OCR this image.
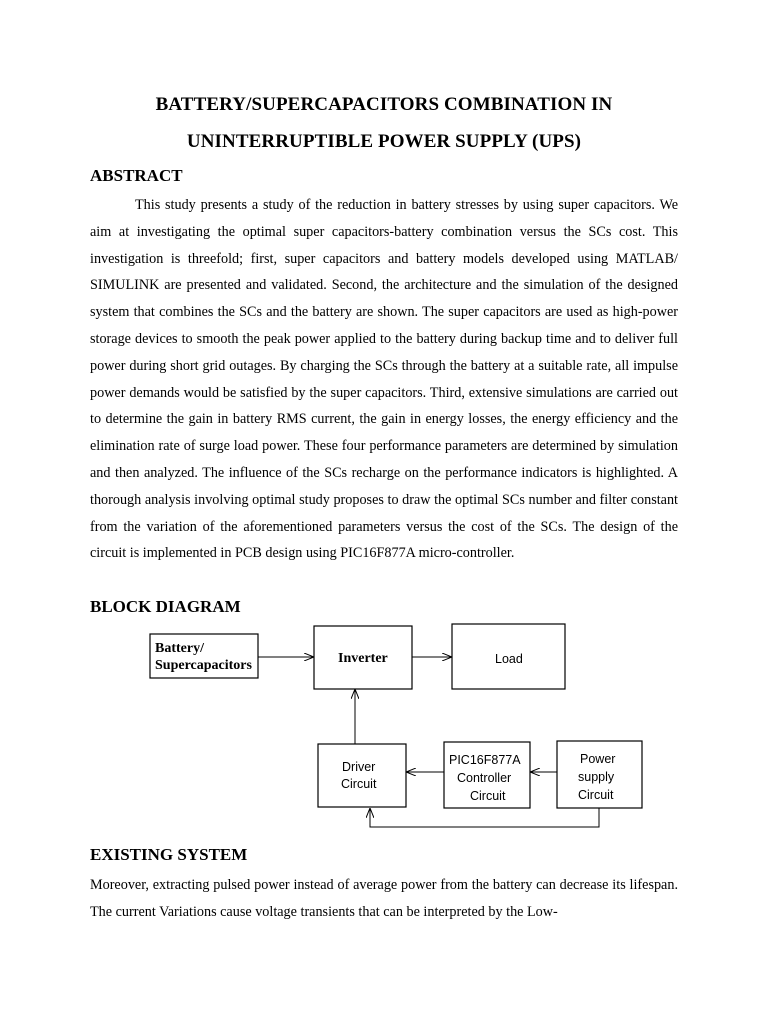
BATTERY/SUPERCAPACITORS COMBINATION IN
UNINTERRUPTIBLE POWER SUPPLY (UPS)
ABSTRACT
This study presents a study of the reduction in battery stresses by using super capacitors. We aim at investigating the optimal super capacitors-battery combination versus the SCs cost. This investigation is threefold; first, super capacitors and battery models developed using MATLAB/ SIMULINK are presented and validated. Second, the architecture and the simulation of the designed system that combines the SCs and the battery are shown. The super capacitors are used as high-power storage devices to smooth the peak power applied to the battery during backup time and to deliver full power during short grid outages. By charging the SCs through the battery at a suitable rate, all impulse power demands would be satisfied by the super capacitors. Third, extensive simulations are carried out to determine the gain in battery RMS current, the gain in energy losses, the energy efficiency and the elimination rate of surge load power. These four performance parameters are determined by simulation and then analyzed. The influence of the SCs recharge on the performance indicators is highlighted. A thorough analysis involving optimal study proposes to draw the optimal SCs number and filter constant from the variation of the aforementioned parameters versus the cost of the SCs. The design of the circuit is implemented in PCB design using PIC16F877A micro-controller.
BLOCK DIAGRAM
Battery/
Supercapacitors	Inverter	Load
Driver
Circuit
PIC16F877A
Controller
Circuit
Power
supply
Circuit
EXISTING SYSTEM
Moreover, extracting pulsed power instead of average power from the battery can decrease its lifespan. The current Variations cause voltage transients that can be interpreted by the Low-
